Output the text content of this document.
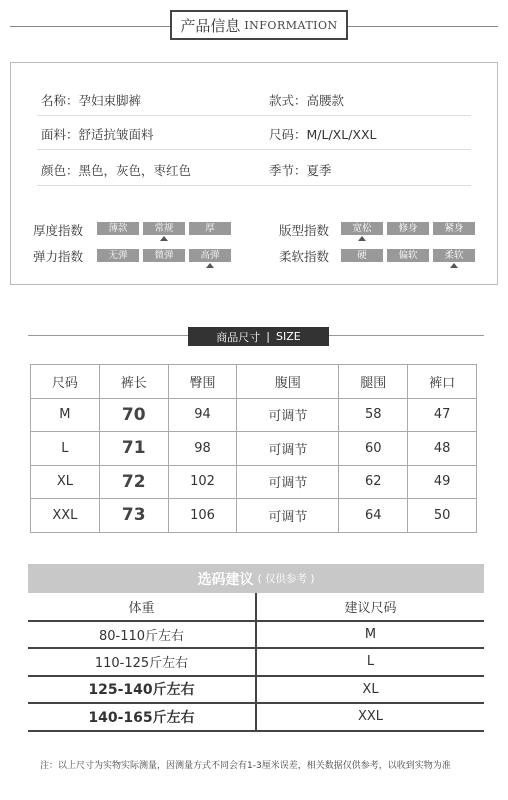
产品信息 INFORMATION
名称：孕妇束脚裤	款式：高腰款
面料：舒适抗皱面料	尺码：M/L/XL/XXL
颜色：黑色，灰色，枣红色	季节：夏季
厚度指数	薄款	常规	厚
弹力指数	无弹	微弹	高弹
版型指数	宽松	修身	紧身
柔软指数	硬	偏软	柔软
商品尺寸 | SIZE
尺码	裤长	臀围	腹围	腿围	裤口
M	70	94	可调节	58	47
L	71	98	可调节	60	48
XL	72	102	可调节	62	49
XXL	73	106	可调节	64	50
选码建议 ( 仅供参考 )
体重	建议尺码
80-110斤左右	M
110-125斤左右	L
125-140斤左右	XL
140-165斤左右	XXL
注：以上尺寸为实物实际测量，因测量方式不同会有1-3厘米误差，相关数据仅供参考，以收到实物为准
